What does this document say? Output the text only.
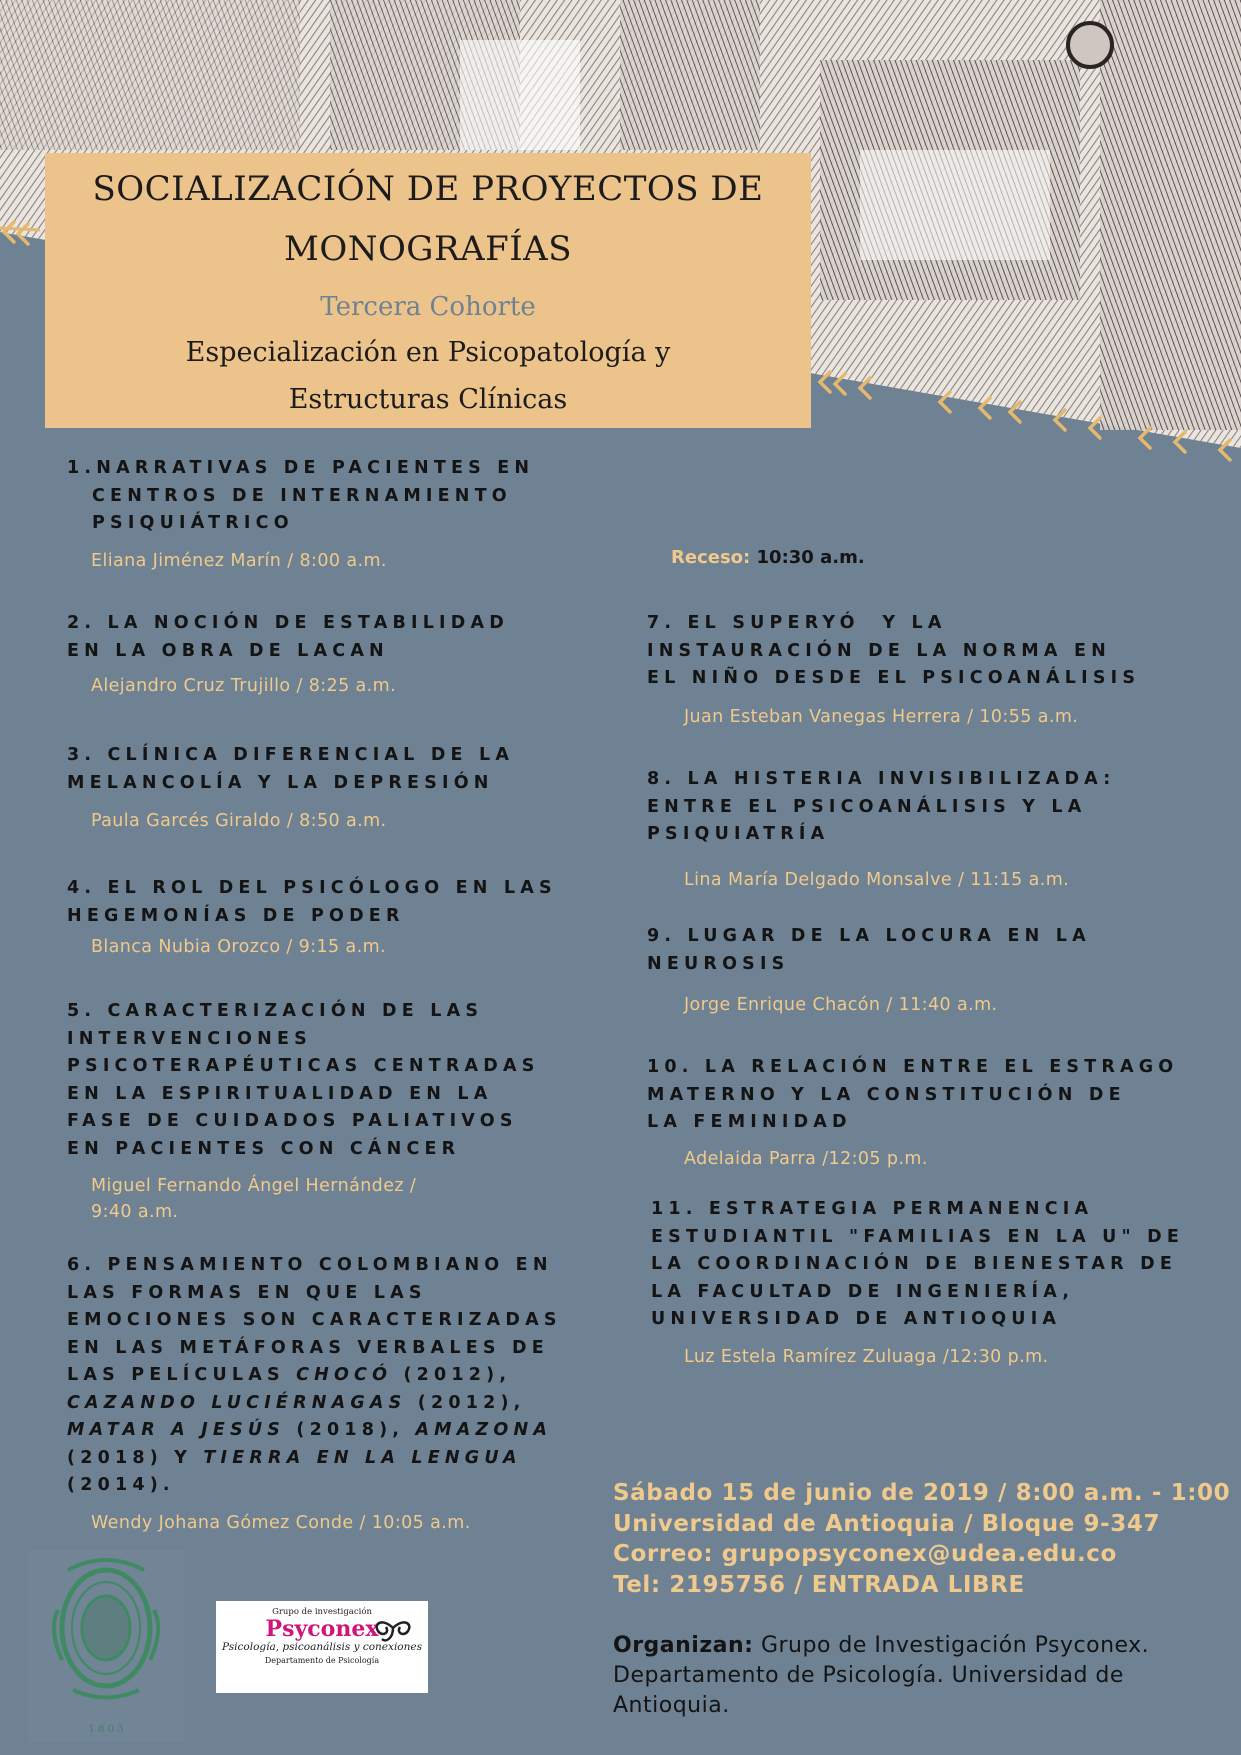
SOCIALIZACIÓN DE PROYECTOS DE
MONOGRAFÍAS
Tercera Cohorte
Especialización en Psicopatología y
Estructuras Clínicas
1.NARRATIVAS DE PACIENTES EN
CENTROS DE INTERNAMIENTO
PSIQUIÁTRICO
Eliana Jiménez Marín / 8:00 a.m.	Receso: 10:30 a.m.
2. LA NOCIÓN DE ESTABILIDAD
EN LA OBRA DE LACAN
Alejandro Cruz Trujillo / 8:25 a.m.
3. CLÍNICA DIFERENCIAL DE LA
MELANCOLÍA Y LA DEPRESIÓN
Paula Garcés Giraldo / 8:50 a.m.
4. EL ROL DEL PSICÓLOGO EN LAS
HEGEMONÍAS DE PODER
Blanca Nubia Orozco / 9:15 a.m.
5. CARACTERIZACIÓN DE LAS
INTERVENCIONES
PSICOTERAPÉUTICAS CENTRADAS
EN LA ESPIRITUALIDAD EN LA
FASE DE CUIDADOS PALIATIVOS
EN PACIENTES CON CÁNCER
Miguel Fernando Ángel Hernández /
9:40 a.m.
6. PENSAMIENTO COLOMBIANO EN
LAS FORMAS EN QUE LAS
EMOCIONES SON CARACTERIZADAS
EN LAS METÁFORAS VERBALES DE
LAS PELÍCULAS CHOCÓ (2012),
CAZANDO LUCIÉRNAGAS (2012),
MATAR A JESÚS (2018), AMAZONA
(2018) Y TIERRA EN LA LENGUA
(2014).
Wendy Johana Gómez Conde / 10:05 a.m.
7. EL SUPERYÓ  Y LA
INSTAURACIÓN DE LA NORMA EN
EL NIÑO DESDE EL PSICOANÁLISIS
Juan Esteban Vanegas Herrera / 10:55 a.m.
8. LA HISTERIA INVISIBILIZADA:
ENTRE EL PSICOANÁLISIS Y LA
PSIQUIATRÍA
Lina María Delgado Monsalve / 11:15 a.m.
9. LUGAR DE LA LOCURA EN LA
NEUROSIS
Jorge Enrique Chacón / 11:40 a.m.
10. LA RELACIÓN ENTRE EL ESTRAGO
MATERNO Y LA CONSTITUCIÓN DE
LA FEMINIDAD
Adelaida Parra /12:05 p.m.
11. ESTRATEGIA PERMANENCIA
ESTUDIANTIL "FAMILIAS EN LA U" DE
LA COORDINACIÓN DE BIENESTAR DE
LA FACULTAD DE INGENIERÍA,
UNIVERSIDAD DE ANTIOQUIA
Luz Estela Ramírez Zuluaga /12:30 p.m.
Sábado 15 de junio de 2019 / 8:00 a.m. - 1:00
Universidad de Antioquia / Bloque 9-347
Correo: grupopsyconex@udea.edu.co
Tel: 2195756 / ENTRADA LIBRE
Organizan: Grupo de Investigación Psyconex. Departamento de Psicología. Universidad de Antioquia.
1 8 0 3
Grupo de investigación
Psyconex
Psicología, psicoanálisis y conexiones
Departamento de Psicología
